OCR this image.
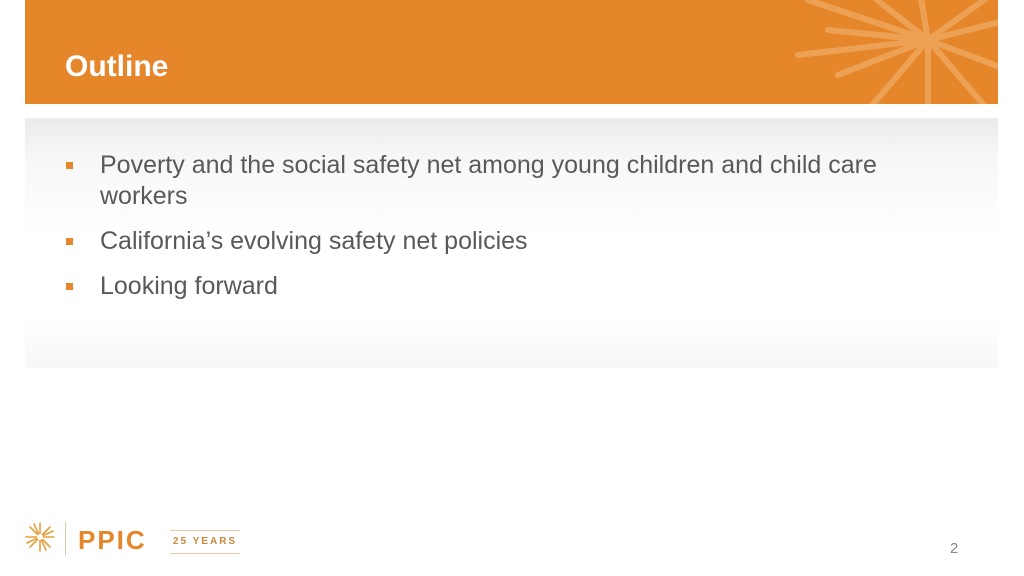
Outline
Poverty and the social safety net among young children and child care workers
California’s evolving safety net policies
Looking forward
PPIC	25 YEARS	2
